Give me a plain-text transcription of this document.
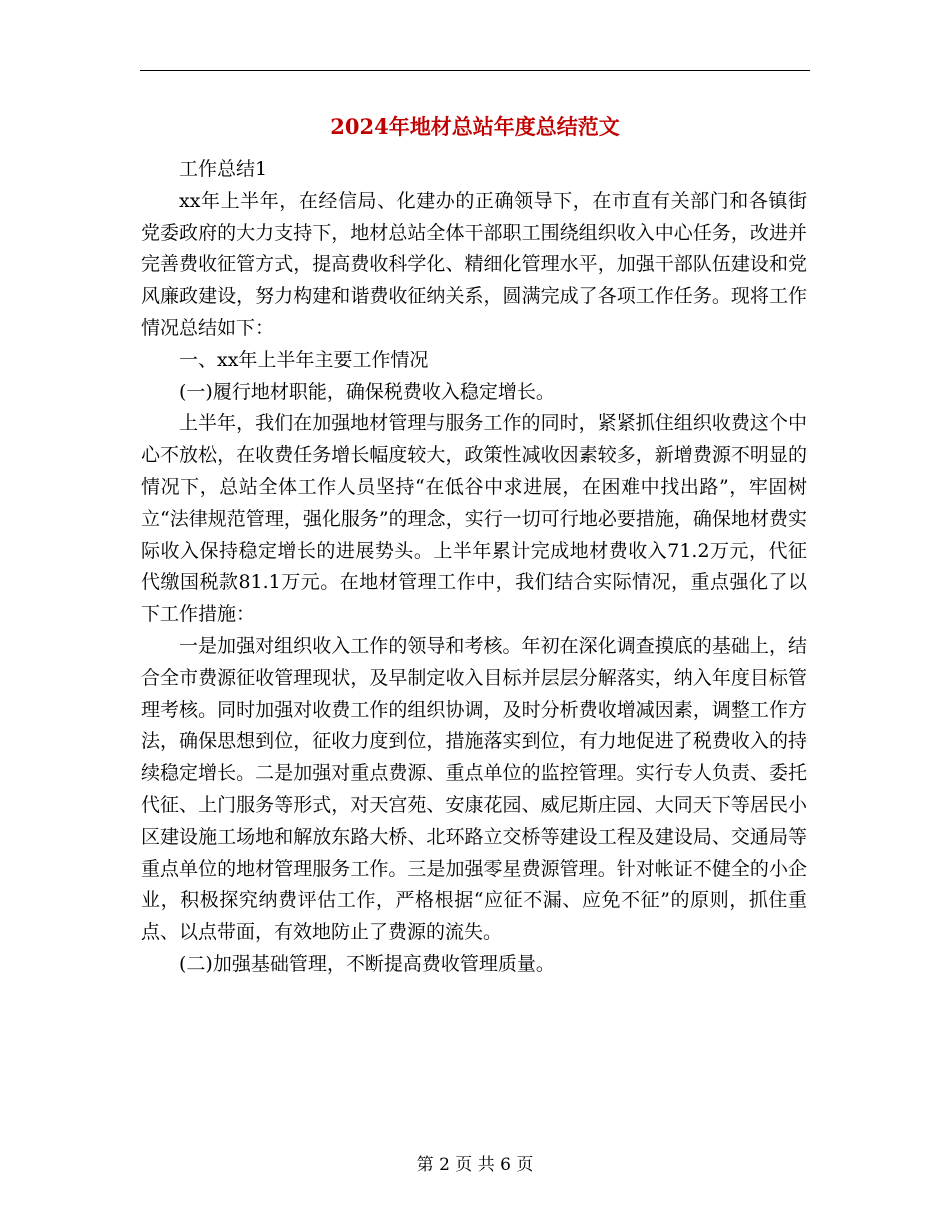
2024年地材总站年度总结范文

工作总结1

xx年上半年，在经信局、化建办的正确领导下，在市直有关部门和各镇街党委政府的大力支持下，地材总站全体干部职工围绕组织收入中心任务，改进并完善费收征管方式，提高费收科学化、精细化管理水平，加强干部队伍建设和党风廉政建设，努力构建和谐费收征纳关系，圆满完成了各项工作任务。现将工作情况总结如下：

一、xx年上半年主要工作情况

(一)履行地材职能，确保税费收入稳定增长。

上半年，我们在加强地材管理与服务工作的同时，紧紧抓住组织收费这个中心不放松，在收费任务增长幅度较大，政策性减收因素较多，新增费源不明显的情况下，总站全体工作人员坚持“在低谷中求进展，在困难中找出路”，牢固树立“法律规范管理，强化服务”的理念，实行一切可行地必要措施，确保地材费实际收入保持稳定增长的进展势头。上半年累计完成地材费收入71.2万元，代征代缴国税款81.1万元。在地材管理工作中，我们结合实际情况，重点强化了以下工作措施：

一是加强对组织收入工作的领导和考核。年初在深化调查摸底的基础上，结合全市费源征收管理现状，及早制定收入目标并层层分解落实，纳入年度目标管理考核。同时加强对收费工作的组织协调，及时分析费收增减因素，调整工作方法，确保思想到位，征收力度到位，措施落实到位，有力地促进了税费收入的持续稳定增长。二是加强对重点费源、重点单位的监控管理。实行专人负责、委托代征、上门服务等形式，对天宫苑、安康花园、威尼斯庄园、大同天下等居民小区建设施工场地和解放东路大桥、北环路立交桥等建设工程及建设局、交通局等重点单位的地材管理服务工作。三是加强零星费源管理。针对帐证不健全的小企业，积极探究纳费评估工作，严格根据“应征不漏、应免不征”的原则，抓住重点、以点带面，有效地防止了费源的流失。

(二)加强基础管理，不断提高费收管理质量。

第 2 页 共 6 页
